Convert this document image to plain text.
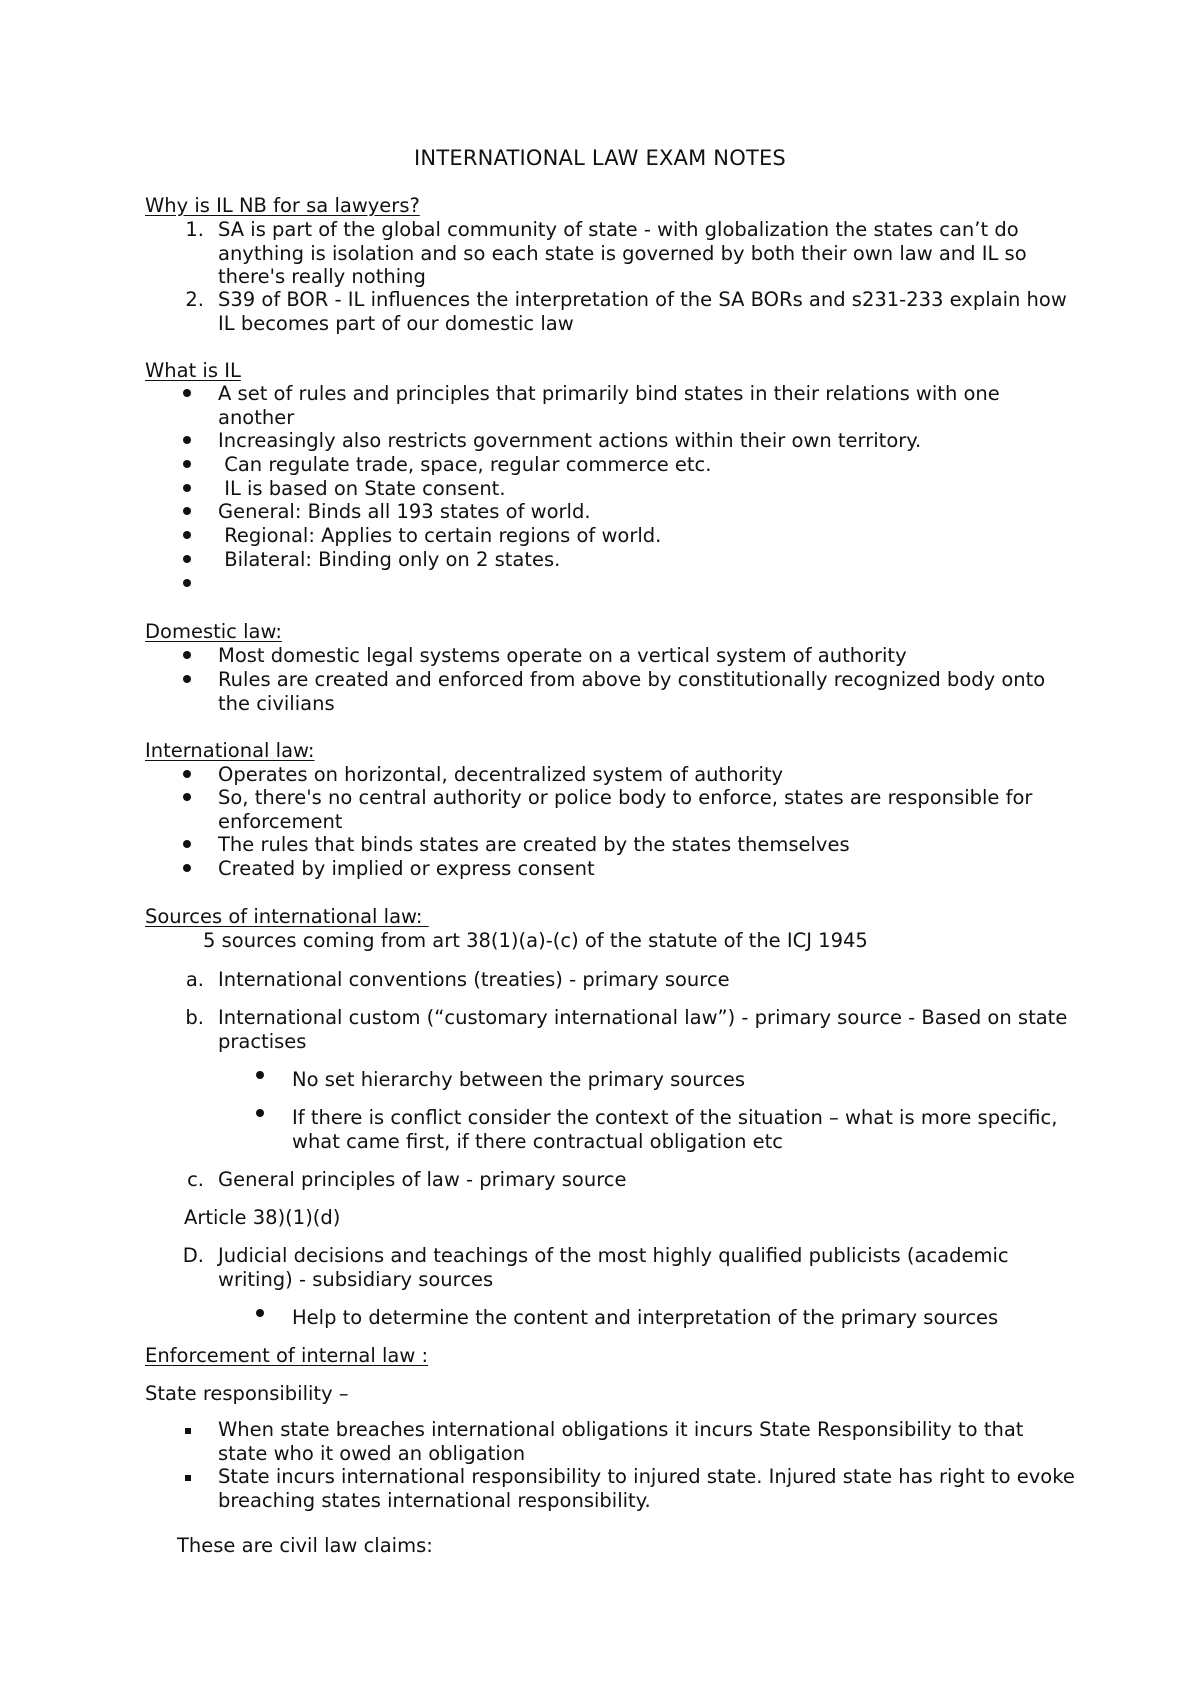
INTERNATIONAL LAW EXAM NOTES
Why is IL NB for sa lawyers?
1. SA is part of the global community of state - with globalization the states can’t do anything is isolation and so each state is governed by both their own law and IL so there's really nothing
2. S39 of BOR - IL influences the interpretation of the SA BORs and s231-233 explain how IL becomes part of our domestic law
What is IL
A set of rules and principles that primarily bind states in their relations with one another
Increasingly also restricts government actions within their own territory.
Can regulate trade, space, regular commerce etc.
IL is based on State consent.
General: Binds all 193 states of world.
Regional: Applies to certain regions of world.
Bilateral: Binding only on 2 states.
Domestic law:
Most domestic legal systems operate on a vertical system of authority
Rules are created and enforced from above by constitutionally recognized body onto the civilians
International law:
Operates on horizontal, decentralized system of authority
So, there's no central authority or police body to enforce, states are responsible for enforcement
The rules that binds states are created by the states themselves
Created by implied or express consent
Sources of international law:
5 sources coming from art 38(1)(a)-(c) of the statute of the ICJ 1945
a. International conventions (treaties) - primary source
b. International custom (“customary international law”) - primary source - Based on state practises
No set hierarchy between the primary sources
If there is conflict consider the context of the situation – what is more specific, what came first, if there contractual obligation etc
c. General principles of law - primary source
Article 38)(1)(d)
D. Judicial decisions and teachings of the most highly qualified publicists (academic writing) - subsidiary sources
Help to determine the content and interpretation of the primary sources
Enforcement of internal law :
State responsibility –
When state breaches international obligations it incurs State Responsibility to that state who it owed an obligation
State incurs international responsibility to injured state. Injured state has right to evoke breaching states international responsibility.
These are civil law claims:
